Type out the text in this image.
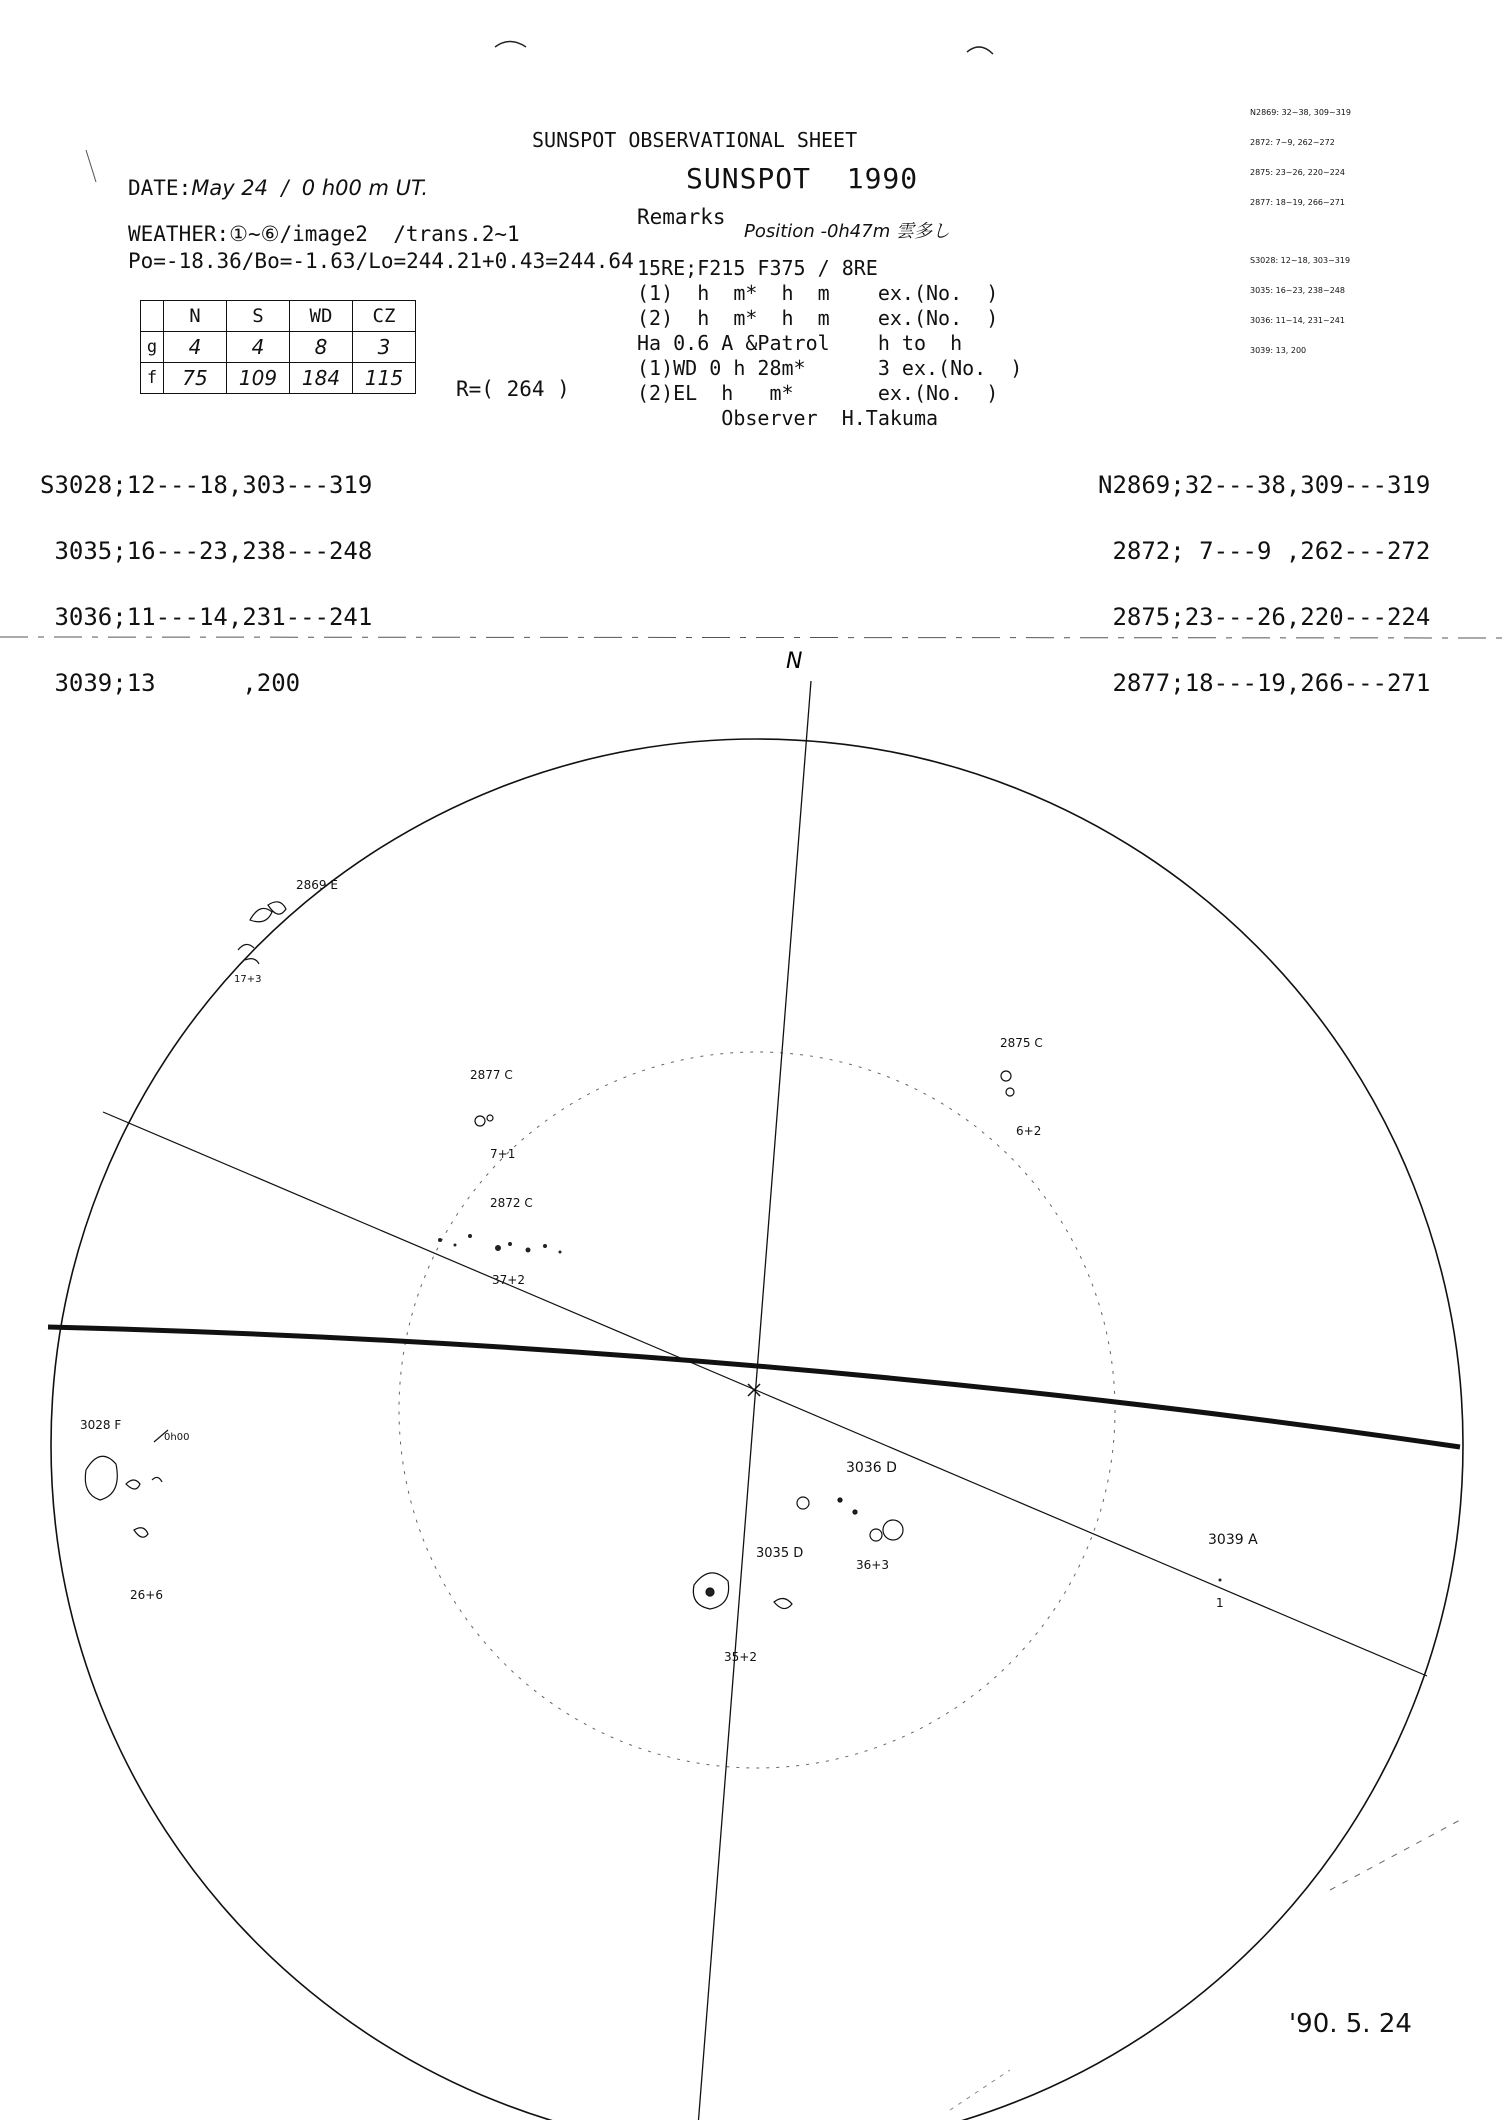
SUNSPOT OBSERVATIONAL SHEET
SUNSPOT  1990
DATE:May 24  /  0 h00 m UT.
WEATHER:①~⑥/image2  /trans.2~1
Po=-18.36/Bo=-1.63/Lo=244.21+0.43=244.64
Remarks
Position -0h47m 雲多し
15RE;F215 F375 / 8RE
(1)  h  m*  h  m    ex.(No.  )
(2)  h  m*  h  m    ex.(No.  )
Ha 0.6 A &Patrol    h to  h
(1)WD 0 h 28m*      3 ex.(No.  )
(2)EL  h   m*       ex.(No.  )
Observer  H.Takuma
	N	S	WD	CZ
g	4	4	8	3
f	75	109	184	115	R=( 264 )

S3028;12---18,303---319

3035;16---23,238---248

3036;11---14,231---241

3039;13      ,200

N2869;32---38,309---319

2872; 7---9 ,262---272

2875;23---26,220---224

2877;18---19,266---271

N2869: 32~38, 309~319

2872: 7~9, 262~272

2875: 23~26, 220~224

2877: 18~19, 266~271

S3028: 12~18, 303~319

3035: 16~23, 238~248

3036: 11~14, 231~241

3039: 13, 200

N
2869 E
17+3
2877 C
7+1
2872 C
37+2
2875 C
6+2
3028 F
0h00
26+6
3036 D
36+3
3035 D
35+2
3039 A
1
'90. 5. 24
